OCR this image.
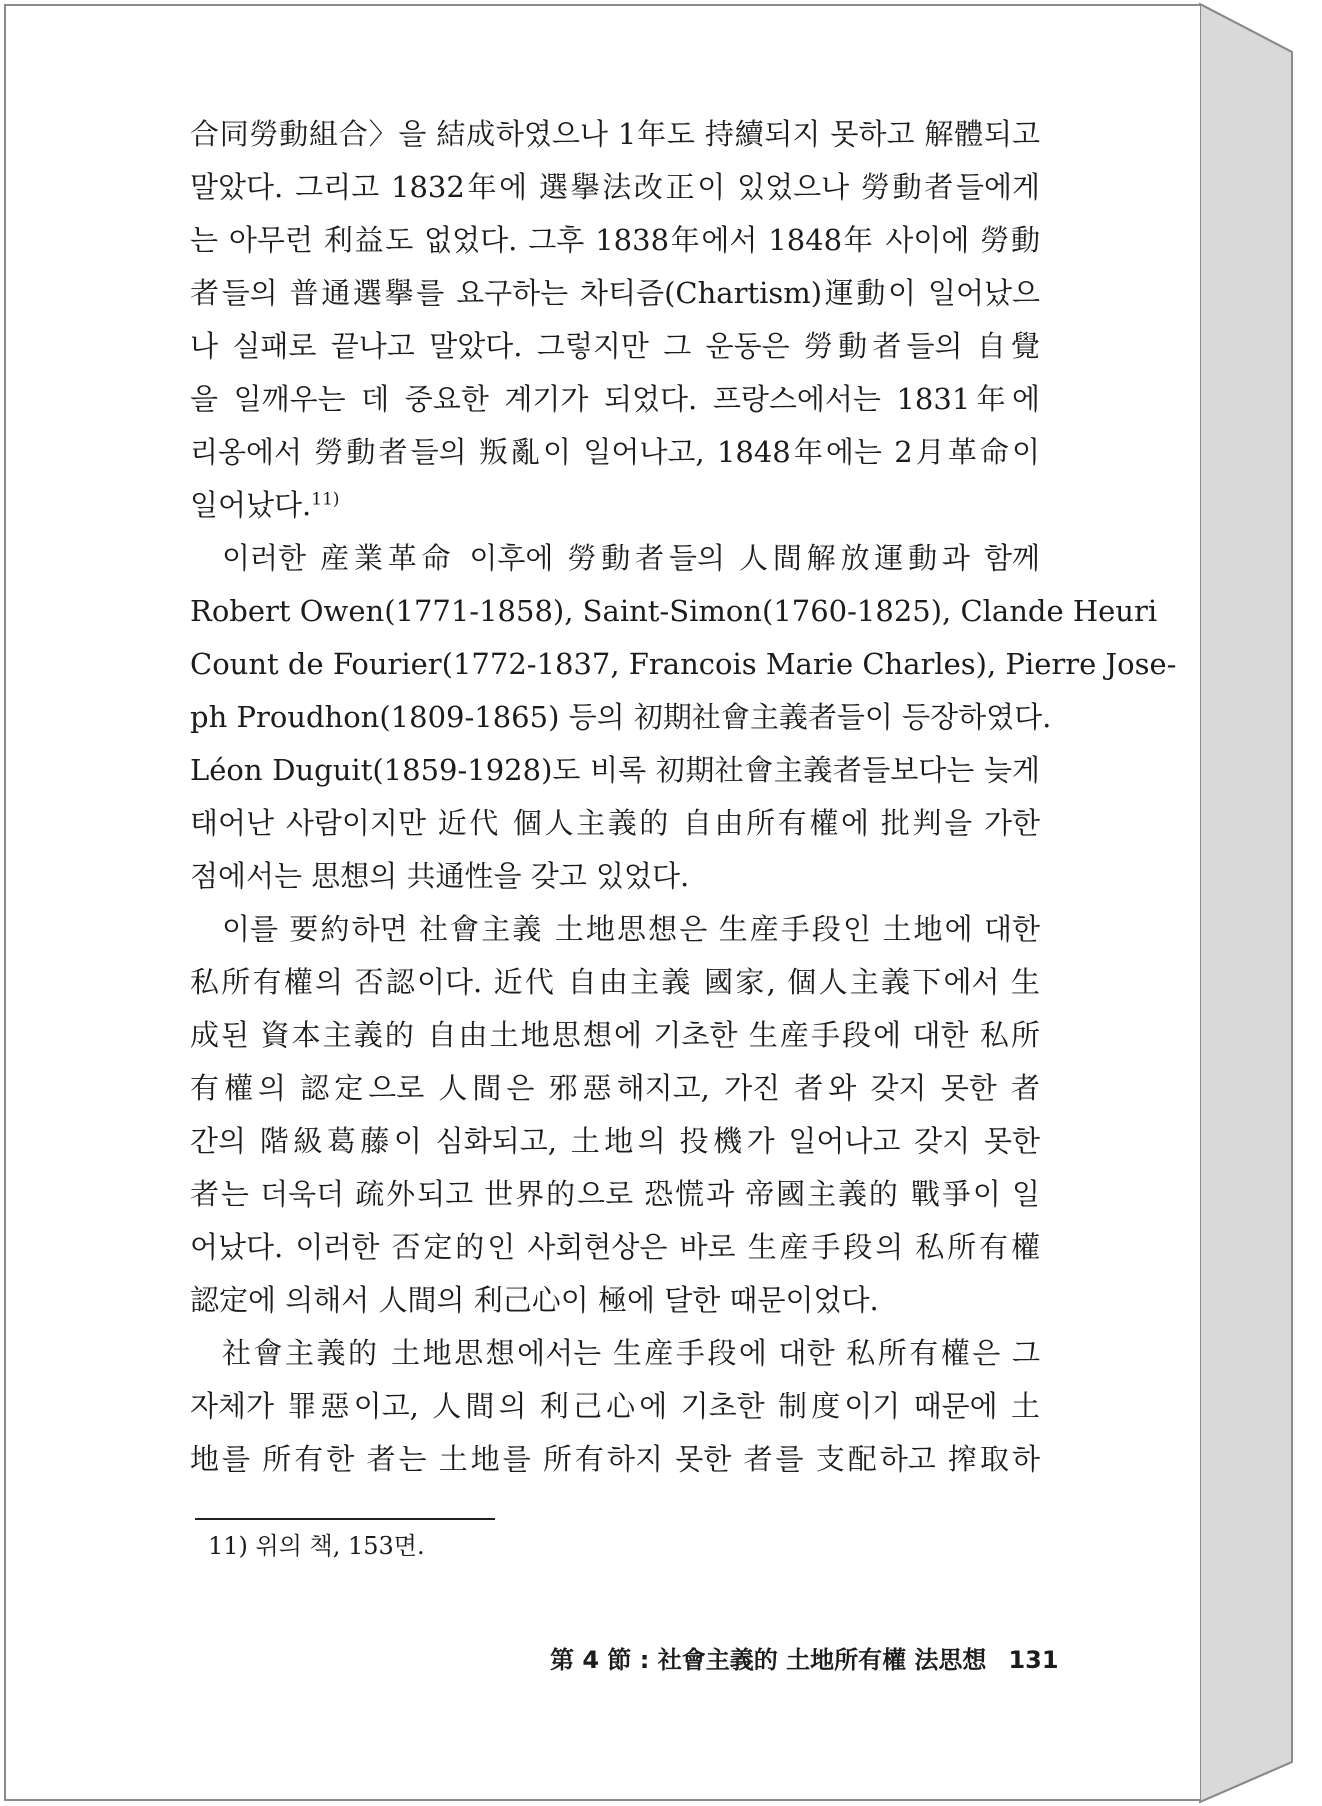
合同勞動組合〉을 結成하였으나 1年도 持續되지 못하고 解體되고
말았다. 그리고 1832年에 選擧法改正이 있었으나 勞動者들에게
는 아무런 利益도 없었다. 그후 1838年에서 1848年 사이에 勞動
者들의 普通選擧를 요구하는 차티즘(Chartism)運動이 일어났으
나 실패로 끝나고 말았다. 그렇지만 그 운동은 勞動者들의 自覺
을 일깨우는 데 중요한 계기가 되었다. 프랑스에서는 1831年에
리옹에서 勞動者들의 叛亂이 일어나고, 1848年에는 2月革命이
일어났다.$^{11)}$
이러한 産業革命 이후에 勞動者들의 人間解放運動과 함께
Robert Owen(1771-1858), Saint-Simon(1760-1825), Clande Heuri
Count de Fourier(1772-1837, Francois Marie Charles), Pierre Jose-
ph Proudhon(1809-1865) 등의 初期社會主義者들이 등장하였다.
Léon Duguit(1859-1928)도 비록 初期社會主義者들보다는 늦게
태어난 사람이지만 近代 個人主義的 自由所有權에 批判을 가한
점에서는 思想의 共通性을 갖고 있었다.
이를 要約하면 社會主義 土地思想은 生産手段인 土地에 대한
私所有權의 否認이다. 近代 自由主義 國家, 個人主義下에서 生
成된 資本主義的 自由土地思想에 기초한 生産手段에 대한 私所
有權의 認定으로 人間은 邪惡해지고, 가진 者와 갖지 못한 者
간의 階級葛藤이 심화되고, 土地의 投機가 일어나고 갖지 못한
者는 더욱더 疏外되고 世界的으로 恐慌과 帝國主義的 戰爭이 일
어났다. 이러한 否定的인 사회현상은 바로 生産手段의 私所有權
認定에 의해서 人間의 利己心이 極에 달한 때문이었다.
社會主義的 土地思想에서는 生産手段에 대한 私所有權은 그
자체가 罪惡이고, 人間의 利己心에 기초한 制度이기 때문에 土
地를 所有한 者는 土地를 所有하지 못한 者를 支配하고 搾取하
11) 위의 책, 153면.
第 4 節 : 社會主義的 土地所有權 法思想 131
